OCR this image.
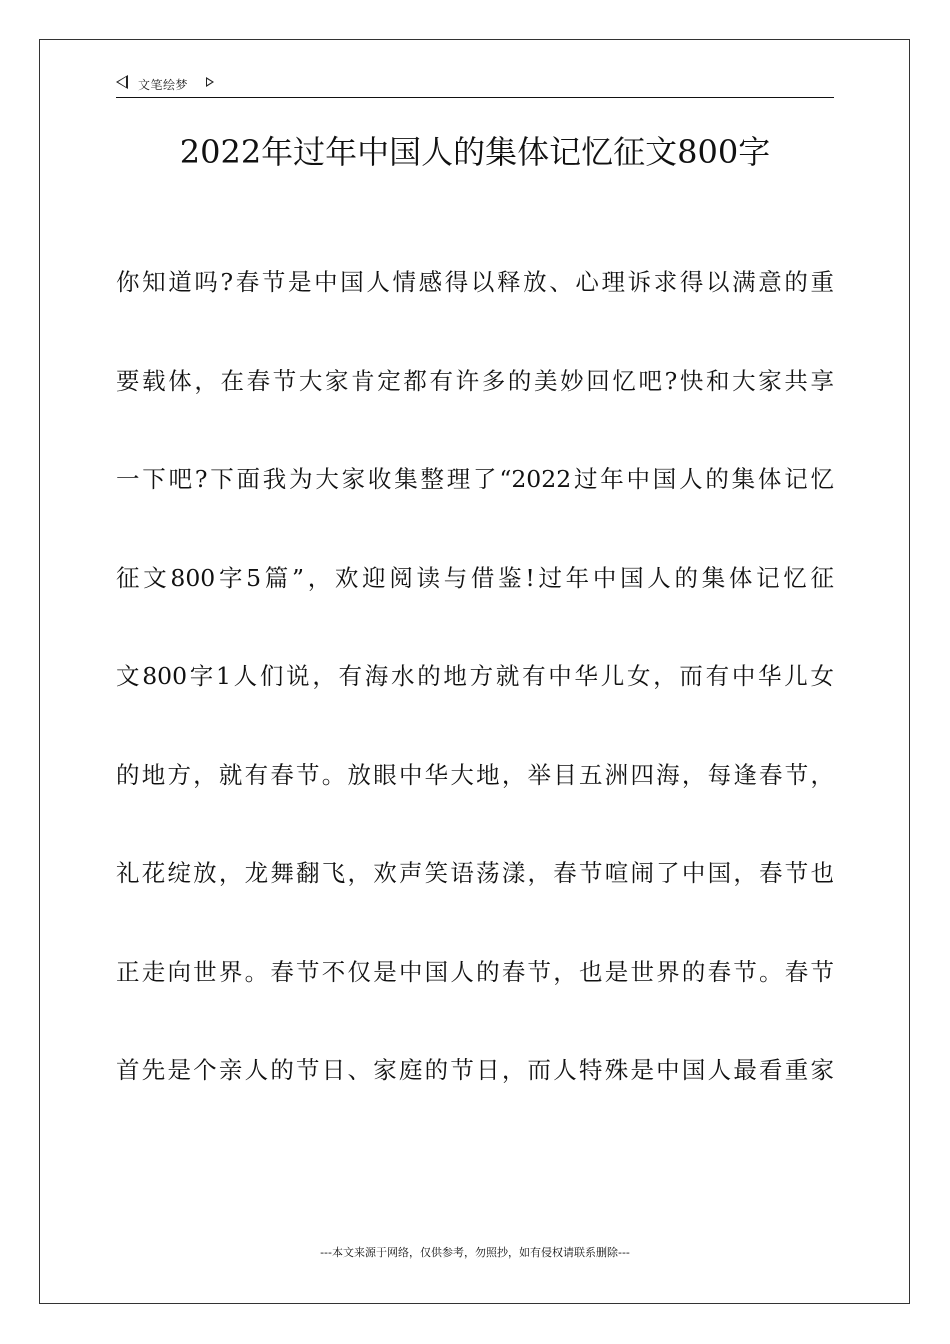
文笔绘梦
2022年过年中国人的集体记忆征文800字
你知道吗?春节是中国人情感得以释放、心理诉求得以满意的重
要载体，在春节大家肯定都有许多的美妙回忆吧?快和大家共享
一下吧?下面我为大家收集整理了“2022过年中国人的集体记忆
征文800字5篇”，欢迎阅读与借鉴!过年中国人的集体记忆征
文800字1人们说，有海水的地方就有中华儿女，而有中华儿女
的地方，就有春节。放眼中华大地，举目五洲四海，每逢春节，
礼花绽放，龙舞翻飞，欢声笑语荡漾，春节喧闹了中国，春节也
正走向世界。春节不仅是中国人的春节，也是世界的春节。春节
首先是个亲人的节日、家庭的节日，而人特殊是中国人最看重家
---本文来源于网络，仅供参考，勿照抄，如有侵权请联系删除---
